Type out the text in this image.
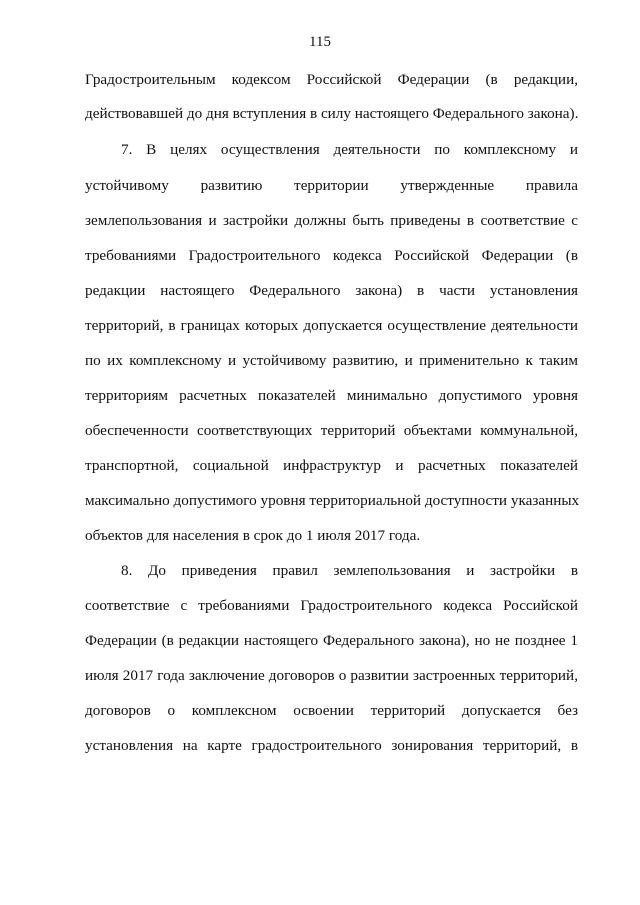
115
Градостроительным кодексом Российской Федерации (в редакции,
действовавшей до дня вступления в силу настоящего Федерального закона).
7. В целях осуществления деятельности по комплексному и
устойчивому развитию территории утвержденные правила
землепользования и застройки должны быть приведены в соответствие с
требованиями Градостроительного кодекса Российской Федерации (в
редакции настоящего Федерального закона) в части установления
территорий, в границах которых допускается осуществление деятельности
по их комплексному и устойчивому развитию, и применительно к таким
территориям расчетных показателей минимально допустимого уровня
обеспеченности соответствующих территорий объектами коммунальной,
транспортной, социальной инфраструктур и расчетных показателей
максимально допустимого уровня территориальной доступности указанных
объектов для населения в срок до 1 июля 2017 года.
8. До приведения правил землепользования и застройки в
соответствие с требованиями Градостроительного кодекса Российской
Федерации (в редакции настоящего Федерального закона), но не позднее 1
июля 2017 года заключение договоров о развитии застроенных территорий,
договоров о комплексном освоении территорий допускается без
установления на карте градостроительного зонирования территорий, в
